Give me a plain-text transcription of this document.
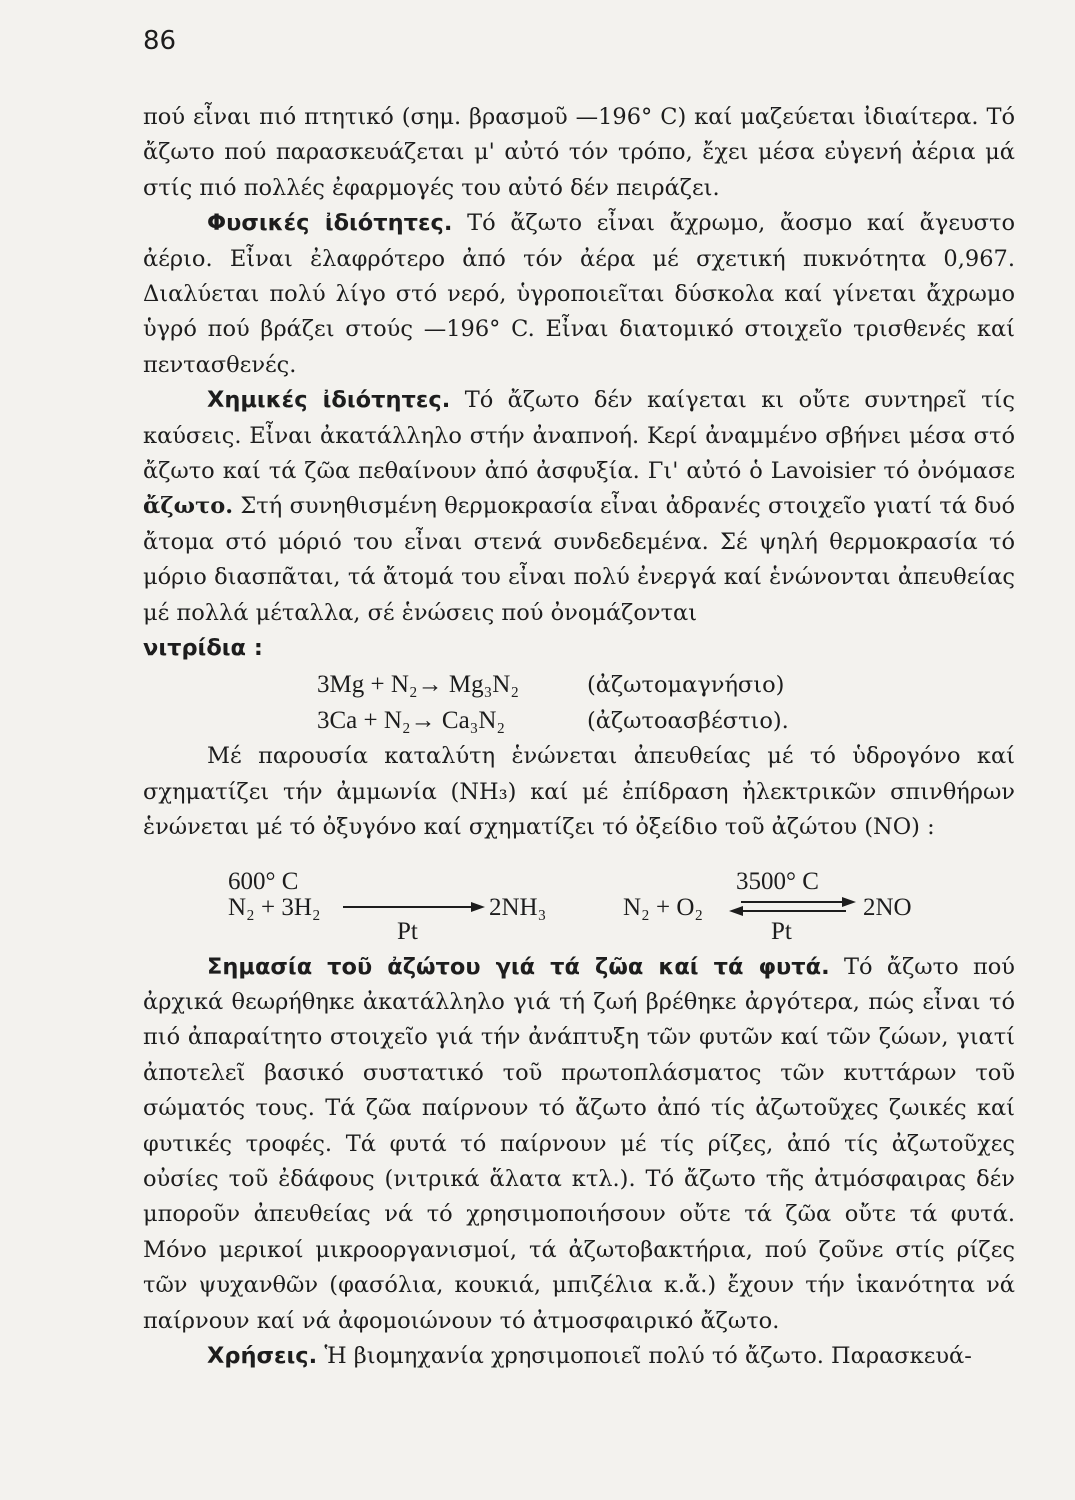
86

πού εἶναι πιό πτητικό (σημ. βρασμοῦ —196° C) καί μαζεύεται ἰδιαίτερα. Τό ἄζωτο πού παρασκευάζεται μ' αὐτό τόν τρόπο, ἔχει μέσα εὐγενή ἀέρια μά στίς πιό πολλές ἐφαρμογές του αὐτό δέν πειράζει.

Φυσικές ἰδιότητες. Τό ἄζωτο εἶναι ἄχρωμο, ἄοσμο καί ἄγευστο ἀέριο. Εἶναι ἐλαφρότερο ἀπό τόν ἀέρα μέ σχετική πυκνότητα 0,967. Διαλύεται πολύ λίγο στό νερό, ὑγροποιεῖται δύσκολα καί γίνεται ἄχρωμο ὑγρό πού βράζει στούς —196° C. Εἶναι διατομικό στοιχεῖο τρισθενές καί πεντασθενές.

Χημικές ἰδιότητες. Τό ἄζωτο δέν καίγεται κι οὔτε συντηρεῖ τίς καύσεις. Εἶναι ἀκατάλληλο στήν ἀναπνοή. Κερί ἀναμμένο σβήνει μέσα στό ἄζωτο καί τά ζῶα πεθαίνουν ἀπό ἀσφυξία. Γι' αὐτό ὁ Lavoisier τό ὀνόμασε ἄζωτο. Στή συνηθισμένη θερμοκρασία εἶναι ἀδρανές στοιχεῖο γιατί τά δυό ἄτομα στό μόριό του εἶναι στενά συνδεδεμένα. Σέ ψηλή θερμοκρασία τό μόριο διασπᾶται, τά ἄτομά του εἶναι πολύ ἐνεργά καί ἑνώνονται ἀπευθείας μέ πολλά μέταλλα, σέ ἑνώσεις πού ὀνομάζονται

νιτρίδια :

3Mg + N₂→ Mg₃N₂	(ἀζωτομαγνήσιο)

3Ca + N₂→ Ca₃N₂	(ἀζωτοασβέστιο).

Μέ παρουσία καταλύτη ἑνώνεται ἀπευθείας μέ τό ὑδρογόνο καί σχηματίζει τήν ἀμμωνία (NH₃) καί μέ ἐπίδραση ἠλεκτρικῶν σπινθήρων ἑνώνεται μέ τό ὀξυγόνο καί σχηματίζει τό ὀξείδιο τοῦ ἀζώτου (NO) :

600° C
N₂ + 3H₂
Pt
2NH₃
3500° C
N₂ + O₂
Pt
2NO

Σημασία τοῦ ἀζώτου γιά τά ζῶα καί τά φυτά. Τό ἄζωτο πού ἀρχικά θεωρήθηκε ἀκατάλληλο γιά τή ζωή βρέθηκε ἀργότερα, πώς εἶναι τό πιό ἀπαραίτητο στοιχεῖο γιά τήν ἀνάπτυξη τῶν φυτῶν καί τῶν ζώων, γιατί ἀποτελεῖ βασικό συστατικό τοῦ πρωτοπλάσματος τῶν κυττάρων τοῦ σώματός τους. Τά ζῶα παίρνουν τό ἄζωτο ἀπό τίς ἀζωτοῦχες ζωικές καί φυτικές τροφές. Τά φυτά τό παίρνουν μέ τίς ρίζες, ἀπό τίς ἀζωτοῦχες οὐσίες τοῦ ἐδάφους (νιτρικά ἅλατα κτλ.). Τό ἄζωτο τῆς ἀτμόσφαιρας δέν μποροῦν ἀπευθείας νά τό χρησιμοποιήσουν οὔτε τά ζῶα οὔτε τά φυτά. Μόνο μερικοί μικροοργανισμοί, τά ἀζωτοβακτήρια, πού ζοῦνε στίς ρίζες τῶν ψυχανθῶν (φασόλια, κουκιά, μπιζέλια κ.ἄ.) ἔχουν τήν ἱκανότητα νά παίρνουν καί νά ἀφομοιώνουν τό ἀτμοσφαιρικό ἄζωτο.

Χρήσεις. Ἡ βιομηχανία χρησιμοποιεῖ πολύ τό ἄζωτο. Παρασκευά-
